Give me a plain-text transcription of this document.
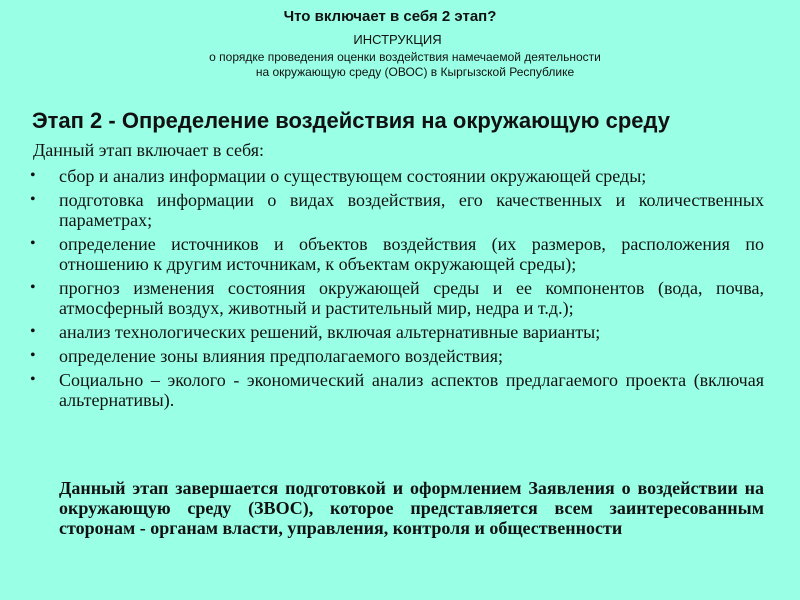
Что включает в себя 2 этап?
ИНСТРУКЦИЯ
о порядке проведения оценки воздействия намечаемой деятельности
на окружающую среду (ОВОС) в Кыргызской Республике
Этап 2 - Определение воздействия на окружающую среду
Данный этап включает в себя:
• сбор и анализ информации о существующем состоянии окружающей среды;
• подготовка информации о видах воздействия, его качественных и количественных параметрах;
• определение источников и объектов воздействия (их размеров, расположения по отношению к другим источникам, к объектам окружающей среды);
• прогноз изменения состояния окружающей среды и ее компонентов (вода, почва, атмосферный воздух, животный и растительный мир, недра и т.д.);
• анализ технологических решений, включая альтернативные варианты;
• определение зоны влияния предполагаемого воздействия;
• Социально – эколого - экономический анализ аспектов предлагаемого проекта (включая альтернативы).
Данный этап завершается подготовкой и оформлением Заявления о воздействии на окружающую среду (ЗВОС), которое представляется всем заинтересованным сторонам - органам власти, управления, контроля и общественности
